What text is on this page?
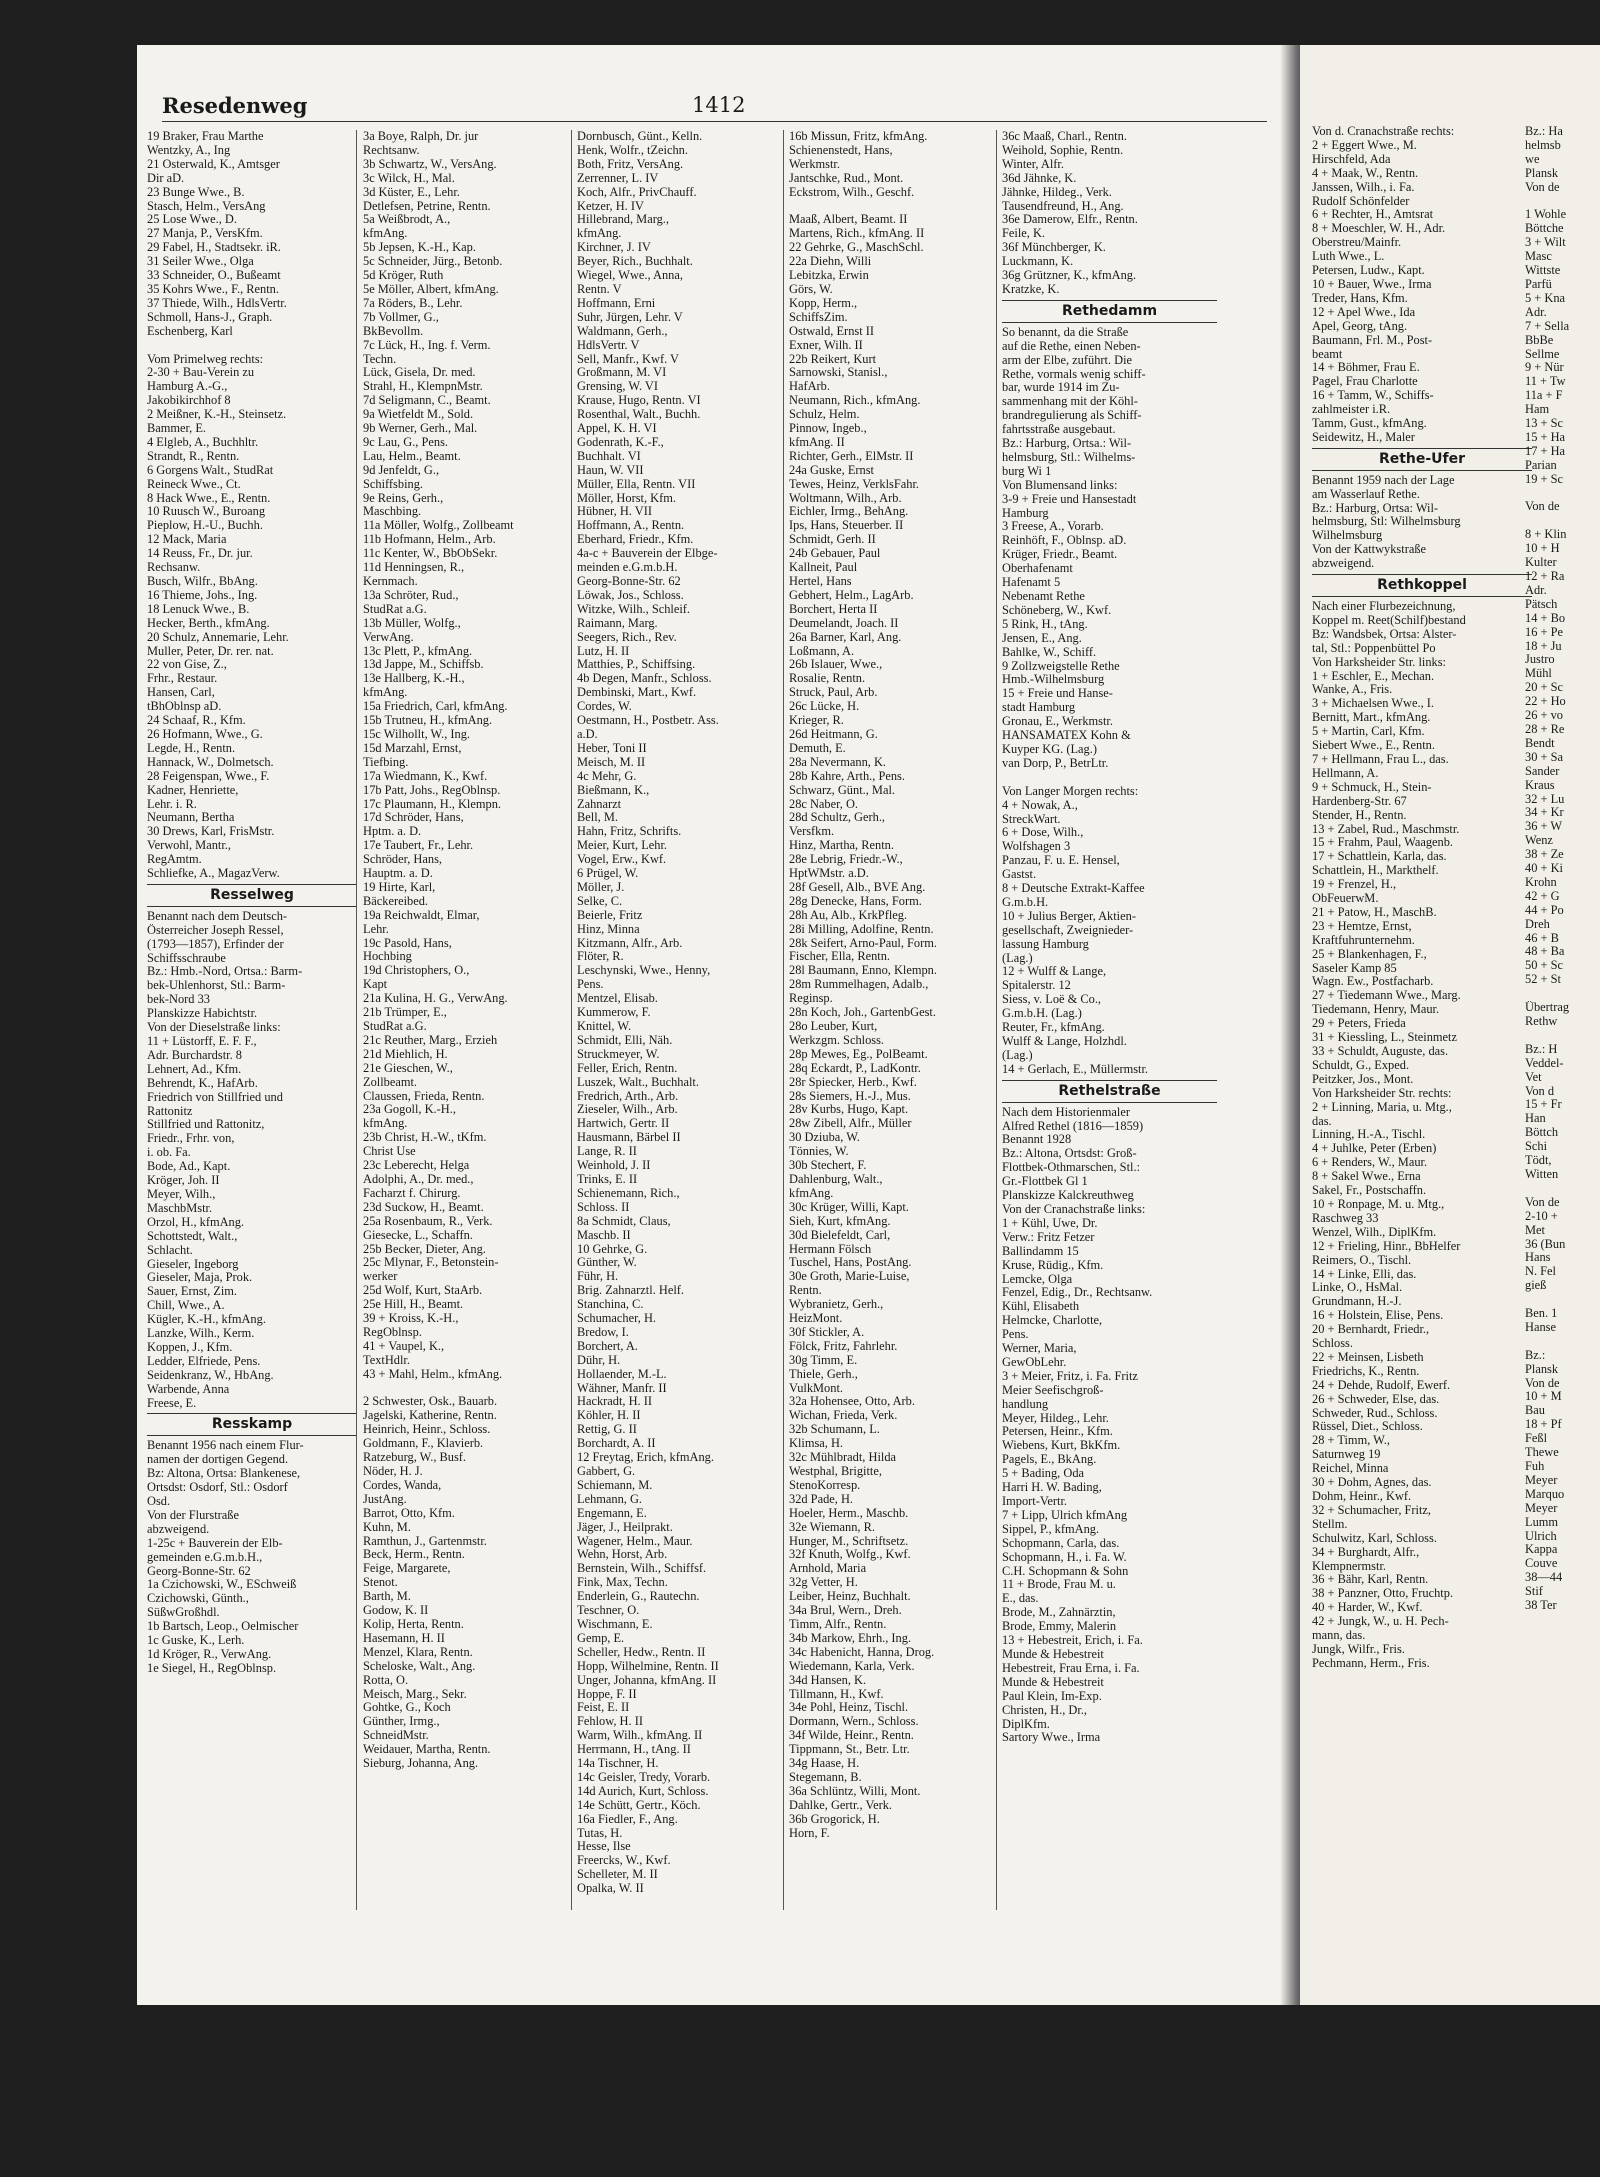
Resedenweg	1412
19 Braker, Frau Marthe
Wentzky, A., Ing
21 Osterwald, K., Amtsger
Dir aD.
23 Bunge Wwe., B.
Stasch, Helm., VersAng
25 Lose Wwe., D.
27 Manja, P., VersKfm.
29 Fabel, H., Stadtsekr. iR.
31 Seiler Wwe., Olga
33 Schneider, O., Bußeamt
35 Kohrs Wwe., F., Rentn.
37 Thiede, Wilh., HdlsVertr.
Schmoll, Hans-J., Graph.
Eschenberg, Karl

Vom Primelweg rechts:
2-30 + Bau-Verein zu
Hamburg A.-G.,
Jakobikirchhof 8
2 Meißner, K.-H., Steinsetz.
Bammer, E.
4 Elgleb, A., Buchhltr.
Strandt, R., Rentn.
6 Gorgens Walt., StudRat
Reineck Wwe., Ct.
8 Hack Wwe., E., Rentn.
10 Ruusch W., Buroang
Pieplow, H.-U., Buchh.
12 Mack, Maria
14 Reuss, Fr., Dr. jur.
Rechsanw.
Busch, Wilfr., BbAng.
16 Thieme, Johs., Ing.
18 Lenuck Wwe., B.
Hecker, Berth., kfmAng.
20 Schulz, Annemarie, Lehr.
Muller, Peter, Dr. rer. nat.
22 von Gise, Z.,
Frhr., Restaur.
Hansen, Carl,
tBhOblnsp aD.
24 Schaaf, R., Kfm.
26 Hofmann, Wwe., G.
Legde, H., Rentn.
Hannack, W., Dolmetsch.
28 Feigenspan, Wwe., F.
Kadner, Henriette,
Lehr. i. R.
Neumann, Bertha
30 Drews, Karl, FrisMstr.
Verwohl, Mantr.,
RegAmtm.
Schliefke, A., MagazVerw.
Resselweg
Benannt nach dem Deutsch-
Österreicher Joseph Ressel,
(1793—1857), Erfinder der
Schiffsschraube
Bz.: Hmb.-Nord, Ortsa.: Barm-
bek-Uhlenhorst, Stl.: Barm-
bek-Nord 33
Planskizze Habichtstr.
Von der Dieselstraße links:
11 + Lüstorff, E. F. F.,
Adr. Burchardstr. 8
Lehnert, Ad., Kfm.
Behrendt, K., HafArb.
Friedrich von Stillfried und
Rattonitz
Stillfried und Rattonitz,
Friedr., Frhr. von,
i. ob. Fa.
Bode, Ad., Kapt.
Kröger, Joh. II
Meyer, Wilh.,
MaschbMstr.
Orzol, H., kfmAng.
Schottstedt, Walt.,
Schlacht.
Gieseler, Ingeborg
Gieseler, Maja, Prok.
Sauer, Ernst, Zim.
Chill, Wwe., A.
Kügler, K.-H., kfmAng.
Lanzke, Wilh., Kerm.
Koppen, J., Kfm.
Ledder, Elfriede, Pens.
Seidenkranz, W., HbAng.
Warbende, Anna
Freese, E.
Resskamp
Benannt 1956 nach einem Flur-
namen der dortigen Gegend.
Bz: Altona, Ortsa: Blankenese,
Ortsdst: Osdorf, Stl.: Osdorf
Osd.
Von der Flurstraße
abzweigend.
1-25c + Bauverein der Elb-
gemeinden e.G.m.b.H.,
Georg-Bonne-Str. 62
1a Czichowski, W., ESchweiß
Czichowski, Günth.,
SüßwGroßhdl.
1b Bartsch, Leop., Oelmischer
1c Guske, K., Lerh.
1d Kröger, R., VerwAng.
1e Siegel, H., RegOblnsp.
3a Boye, Ralph, Dr. jur
Rechtsanw.
3b Schwartz, W., VersAng.
3c Wilck, H., Mal.
3d Küster, E., Lehr.
Detlefsen, Petrine, Rentn.
5a Weißbrodt, A.,
kfmAng.
5b Jepsen, K.-H., Kap.
5c Schneider, Jürg., Betonb.
5d Kröger, Ruth
5e Möller, Albert, kfmAng.
7a Röders, B., Lehr.
7b Vollmer, G.,
BkBevollm.
7c Lück, H., Ing. f. Verm.
Techn.
Lück, Gisela, Dr. med.
Strahl, H., KlempnMstr.
7d Seligmann, C., Beamt.
9a Wietfeldt M., Sold.
9b Werner, Gerh., Mal.
9c Lau, G., Pens.
Lau, Helm., Beamt.
9d Jenfeldt, G.,
Schiffsbing.
9e Reins, Gerh.,
Maschbing.
11a Möller, Wolfg., Zollbeamt
11b Hofmann, Helm., Arb.
11c Kenter, W., BbObSekr.
11d Henningsen, R.,
Kernmach.
13a Schröter, Rud.,
StudRat a.G.
13b Müller, Wolfg.,
VerwAng.
13c Plett, P., kfmAng.
13d Jappe, M., Schiffsb.
13e Hallberg, K.-H.,
kfmAng.
15a Friedrich, Carl, kfmAng.
15b Trutneu, H., kfmAng.
15c Wilhollt, W., Ing.
15d Marzahl, Ernst,
Tiefbing.
17a Wiedmann, K., Kwf.
17b Patt, Johs., RegOblnsp.
17c Plaumann, H., Klempn.
17d Schröder, Hans,
Hptm. a. D.
17e Taubert, Fr., Lehr.
Schröder, Hans,
Hauptm. a. D.
19 Hirte, Karl,
Bäckereibed.
19a Reichwaldt, Elmar,
Lehr.
19c Pasold, Hans,
Hochbing
19d Christophers, O.,
Kapt
21a Kulina, H. G., VerwAng.
21b Trümper, E.,
StudRat a.G.
21c Reuther, Marg., Erzieh
21d Miehlich, H.
21e Gieschen, W.,
Zollbeamt.
Claussen, Frieda, Rentn.
23a Gogoll, K.-H.,
kfmAng.
23b Christ, H.-W., tKfm.
Christ Use
23c Leberecht, Helga
Adolphi, A., Dr. med.,
Facharzt f. Chirurg.
23d Suckow, H., Beamt.
25a Rosenbaum, R., Verk.
Giesecke, L., Schaffn.
25b Becker, Dieter, Ang.
25c Mlynar, F., Betonstein-
werker
25d Wolf, Kurt, StaArb.
25e Hill, H., Beamt.
39 + Kroiss, K.-H.,
RegOblnsp.
41 + Vaupel, K.,
TextHdlr.
43 + Mahl, Helm., kfmAng.

2 Schwester, Osk., Bauarb.
Jagelski, Katherine, Rentn.
Heinrich, Heinr., Schloss.
Goldmann, F., Klavierb.
Ratzeburg, W., Busf.
Nöder, H. J.
Cordes, Wanda,
JustAng.
Barrot, Otto, Kfm.
Kuhn, M.
Ramthun, J., Gartenmstr.
Beck, Herm., Rentn.
Feige, Margarete,
Stenot.
Barth, M.
Godow, K. II
Kolip, Herta, Rentn.
Hasemann, H. II
Menzel, Klara, Rentn.
Scheloske, Walt., Ang.
Rotta, O.
Meisch, Marg., Sekr.
Gohtke, G., Koch
Günther, Irmg.,
SchneidMstr.
Weidauer, Martha, Rentn.
Sieburg, Johanna, Ang.
Dornbusch, Günt., Kelln.
Henk, Wolfr., tZeichn.
Both, Fritz, VersAng.
Zerrenner, L. IV
Koch, Alfr., PrivChauff.
Ketzer, H. IV
Hillebrand, Marg.,
kfmAng.
Kirchner, J. IV
Beyer, Rich., Buchhalt.
Wiegel, Wwe., Anna,
Rentn. V
Hoffmann, Erni
Suhr, Jürgen, Lehr. V
Waldmann, Gerh.,
HdlsVertr. V
Sell, Manfr., Kwf. V
Großmann, M. VI
Grensing, W. VI
Krause, Hugo, Rentn. VI
Rosenthal, Walt., Buchh.
Appel, K. H. VI
Godenrath, K.-F.,
Buchhalt. VI
Haun, W. VII
Müller, Ella, Rentn. VII
Möller, Horst, Kfm.
Hübner, H. VII
Hoffmann, A., Rentn.
Eberhard, Friedr., Kfm.
4a-c + Bauverein der Elbge-
meinden e.G.m.b.H.
Georg-Bonne-Str. 62
Löwak, Jos., Schloss.
Witzke, Wilh., Schleif.
Raimann, Marg.
Seegers, Rich., Rev.
Lutz, H. II
Matthies, P., Schiffsing.
4b Degen, Manfr., Schloss.
Dembinski, Mart., Kwf.
Cordes, W.
Oestmann, H., Postbetr. Ass.
a.D.
Heber, Toni II
Meisch, M. II
4c Mehr, G.
Bießmann, K.,
Zahnarzt
Bell, M.
Hahn, Fritz, Schrifts.
Meier, Kurt, Lehr.
Vogel, Erw., Kwf.
6 Prügel, W.
Möller, J.
Selke, C.
Beierle, Fritz
Hinz, Minna
Kitzmann, Alfr., Arb.
Flöter, R.
Leschynski, Wwe., Henny,
Pens.
Mentzel, Elisab.
Kummerow, F.
Knittel, W.
Schmidt, Elli, Näh.
Struckmeyer, W.
Feller, Erich, Rentn.
Luszek, Walt., Buchhalt.
Fredrich, Arth., Arb.
Zieseler, Wilh., Arb.
Hartwich, Gertr. II
Hausmann, Bärbel II
Lange, R. II
Weinhold, J. II
Trinks, E. II
Schienemann, Rich.,
Schloss. II
8a Schmidt, Claus,
Maschb. II
10 Gehrke, G.
Günther, W.
Führ, H.
Brig. Zahnarztl. Helf.
Stanchina, C.
Schumacher, H.
Bredow, I.
Borchert, A.
Dühr, H.
Hollaender, M.-L.
Wähner, Manfr. II
Hackradt, H. II
Köhler, H. II
Rettig, G. II
Borchardt, A. II
12 Freytag, Erich, kfmAng.
Gabbert, G.
Schiemann, M.
Lehmann, G.
Engemann, E.
Jäger, J., Heilprakt.
Wagener, Helm., Maur.
Wehn, Horst, Arb.
Bernstein, Wilh., Schiffsf.
Fink, Max, Techn.
Enderlein, G., Rautechn.
Teschner, O.
Wischmann, E.
Gemp, E.
Scheller, Hedw., Rentn. II
Hopp, Wilhelmine, Rentn. II
Unger, Johanna, kfmAng. II
Hoppe, F. II
Feist, E. II
Fehlow, H. II
Warm, Wilh., kfmAng. II
Herrmann, H., tAng. II
14a Tischner, H.
14c Geisler, Tredy, Vorarb.
14d Aurich, Kurt, Schloss.
14e Schütt, Gertr., Köch.
16a Fiedler, F., Ang.
Tutas, H.
Hesse, Ilse
Freercks, W., Kwf.
Schelleter, M. II
Opalka, W. II
16b Missun, Fritz, kfmAng.
Schienenstedt, Hans,
Werkmstr.
Jantschke, Rud., Mont.
Eckstrom, Wilh., Geschf.

Maaß, Albert, Beamt. II
Martens, Rich., kfmAng. II
22 Gehrke, G., MaschSchl.
22a Diehn, Willi
Lebitzka, Erwin
Görs, W.
Kopp, Herm.,
SchiffsZim.
Ostwald, Ernst II
Exner, Wilh. II
22b Reikert, Kurt
Sarnowski, Stanisl.,
HafArb.
Neumann, Rich., kfmAng.
Schulz, Helm.
Pinnow, Ingeb.,
kfmAng. II
Richter, Gerh., ElMstr. II
24a Guske, Ernst
Tewes, Heinz, VerklsFahr.
Woltmann, Wilh., Arb.
Eichler, Irmg., BehAng.
Ips, Hans, Steuerber. II
Schmidt, Gerh. II
24b Gebauer, Paul
Kallneit, Paul
Hertel, Hans
Gebhert, Helm., LagArb.
Borchert, Herta II
Deumelandt, Joach. II
26a Barner, Karl, Ang.
Loßmann, A.
26b Islauer, Wwe.,
Rosalie, Rentn.
Struck, Paul, Arb.
26c Lücke, H.
Krieger, R.
26d Heitmann, G.
Demuth, E.
28a Nevermann, K.
28b Kahre, Arth., Pens.
Schwarz, Günt., Mal.
28c Naber, O.
28d Schultz, Gerh.,
Versfkm.
Hinz, Martha, Rentn.
28e Lebrig, Friedr.-W.,
HptWMstr. a.D.
28f Gesell, Alb., BVE Ang.
28g Denecke, Hans, Form.
28h Au, Alb., KrkPfleg.
28i Milling, Adolfine, Rentn.
28k Seifert, Arno-Paul, Form.
Fischer, Ella, Rentn.
28l Baumann, Enno, Klempn.
28m Rummelhagen, Adalb.,
Reginsp.
28n Koch, Joh., GartenbGest.
28o Leuber, Kurt,
Werkzgm. Schloss.
28p Mewes, Eg., PolBeamt.
28q Eckardt, P., LadKontr.
28r Spiecker, Herb., Kwf.
28s Siemers, H.-J., Mus.
28v Kurbs, Hugo, Kapt.
28w Zibell, Alfr., Müller
30 Dziuba, W.
Tönnies, W.
30b Stechert, F.
Dahlenburg, Walt.,
kfmAng.
30c Krüger, Willi, Kapt.
Sieh, Kurt, kfmAng.
30d Bielefeldt, Carl,
Hermann Fölsch
Tuschel, Hans, PostAng.
30e Groth, Marie-Luise,
Rentn.
Wybranietz, Gerh.,
HeizMont.
30f Stickler, A.
Fölck, Fritz, Fahrlehr.
30g Timm, E.
Thiele, Gerh.,
VulkMont.
32a Hohensee, Otto, Arb.
Wichan, Frieda, Verk.
32b Schumann, L.
Klimsa, H.
32c Mühlbradt, Hilda
Westphal, Brigitte,
StenoKorresp.
32d Pade, H.
Hoeler, Herm., Maschb.
32e Wiemann, R.
Hunger, M., Schriftsetz.
32f Knuth, Wolfg., Kwf.
Arnhold, Maria
32g Vetter, H.
Leiber, Heinz, Buchhalt.
34a Brul, Wern., Dreh.
Timm, Alfr., Rentn.
34b Markow, Ehrh., Ing.
34c Habenicht, Hanna, Drog.
Wiedemann, Karla, Verk.
34d Hansen, K.
Tillmann, H., Kwf.
34e Pohl, Heinz, Tischl.
Dormann, Wern., Schloss.
34f Wilde, Heinr., Rentn.
Tippmann, St., Betr. Ltr.
34g Haase, H.
Stegemann, B.
36a Schlüntz, Willi, Mont.
Dahlke, Gertr., Verk.
36b Grogorick, H.
Horn, F.
36c Maaß, Charl., Rentn.
Weihold, Sophie, Rentn.
Winter, Alfr.
36d Jähnke, K.
Jähnke, Hildeg., Verk.
Tausendfreund, H., Ang.
36e Damerow, Elfr., Rentn.
Feile, K.
36f Münchberger, K.
Luckmann, K.
36g Grützner, K., kfmAng.
Kratzke, K.
Rethedamm
So benannt, da die Straße
auf die Rethe, einen Neben-
arm der Elbe, zuführt. Die
Rethe, vormals wenig schiff-
bar, wurde 1914 im Zu-
sammenhang mit der Köhl-
brandregulierung als Schiff-
fahrtsstraße ausgebaut.
Bz.: Harburg, Ortsa.: Wil-
helmsburg, Stl.: Wilhelms-
burg Wi 1
Von Blumensand links:
3-9 + Freie und Hansestadt
Hamburg
3 Freese, A., Vorarb.
Reinhöft, F., Oblnsp. aD.
Krüger, Friedr., Beamt.
Oberhafenamt
Hafenamt 5
Nebenamt Rethe
Schöneberg, W., Kwf.
5 Rink, H., tAng.
Jensen, E., Ang.
Bahlke, W., Schiff.
9 Zollzweigstelle Rethe
Hmb.-Wilhelmsburg
15 + Freie und Hanse-
stadt Hamburg
Gronau, E., Werkmstr.
HANSAMATEX Kohn &
Kuyper KG. (Lag.)
van Dorp, P., BetrLtr.

Von Langer Morgen rechts:
4 + Nowak, A.,
StreckWart.
6 + Dose, Wilh.,
Wolfshagen 3
Panzau, F. u. E. Hensel,
Gastst.
8 + Deutsche Extrakt-Kaffee
G.m.b.H.
10 + Julius Berger, Aktien-
gesellschaft, Zweignieder-
lassung Hamburg
(Lag.)
12 + Wulff & Lange,
Spitalerstr. 12
Siess, v. Loë & Co.,
G.m.b.H. (Lag.)
Reuter, Fr., kfmAng.
Wulff & Lange, Holzhdl.
(Lag.)
14 + Gerlach, E., Müllermstr.
Rethelstraße
Nach dem Historienmaler
Alfred Rethel (1816—1859)
Benannt 1928
Bz.: Altona, Ortsdst: Groß-
Flottbek-Othmarschen, Stl.:
Gr.-Flottbek Gl 1
Planskizze Kalckreuthweg
Von der Cranachstraße links:
1 + Kühl, Uwe, Dr.
Verw.: Fritz Fetzer
Ballindamm 15
Kruse, Rüdig., Kfm.
Lemcke, Olga
Fenzel, Edig., Dr., Rechtsanw.
Kühl, Elisabeth
Helmcke, Charlotte,
Pens.
Werner, Maria,
GewObLehr.
3 + Meier, Fritz, i. Fa. Fritz
Meier Seefischgroß-
handlung
Meyer, Hildeg., Lehr.
Petersen, Heinr., Kfm.
Wiebens, Kurt, BkKfm.
Pagels, E., BkAng.
5 + Bading, Oda
Harri H. W. Bading,
Import-Vertr.
7 + Lipp, Ulrich kfmAng
Sippel, P., kfmAng.
Schopmann, Carla, das.
Schopmann, H., i. Fa. W.
C.H. Schopmann & Sohn
11 + Brode, Frau M. u.
E., das.
Brode, M., Zahnärztin,
Brode, Emmy, Malerin
13 + Hebestreit, Erich, i. Fa.
Munde & Hebestreit
Hebestreit, Frau Erna, i. Fa.
Munde & Hebestreit
Paul Klein, Im-Exp.
Christen, H., Dr.,
DiplKfm.
Sartory Wwe., Irma
Von d. Cranachstraße rechts:
2 + Eggert Wwe., M.
Hirschfeld, Ada
4 + Maak, W., Rentn.
Janssen, Wilh., i. Fa.
Rudolf Schönfelder
6 + Rechter, H., Amtsrat
8 + Moeschler, W. H., Adr.
Oberstreu/Mainfr.
Luth Wwe., L.
Petersen, Ludw., Kapt.
10 + Bauer, Wwe., Irma
Treder, Hans, Kfm.
12 + Apel Wwe., Ida
Apel, Georg, tAng.
Baumann, Frl. M., Post-
beamt
14 + Böhmer, Frau E.
Pagel, Frau Charlotte
16 + Tamm, W., Schiffs-
zahlmeister i.R.
Tamm, Gust., kfmAng.
Seidewitz, H., Maler
Rethe-Ufer
Benannt 1959 nach der Lage
am Wasserlauf Rethe.
Bz.: Harburg, Ortsa: Wil-
helmsburg, Stl: Wilhelmsburg
Wilhelmsburg
Von der Kattwykstraße
abzweigend.
Rethkoppel
Nach einer Flurbezeichnung,
Koppel m. Reet(Schilf)bestand
Bz: Wandsbek, Ortsa: Alster-
tal, Stl.: Poppenbüttel Po
Von Harksheider Str. links:
1 + Eschler, E., Mechan.
Wanke, A., Fris.
3 + Michaelsen Wwe., I.
Bernitt, Mart., kfmAng.
5 + Martin, Carl, Kfm.
Siebert Wwe., E., Rentn.
7 + Hellmann, Frau L., das.
Hellmann, A.
9 + Schmuck, H., Stein-
Hardenberg-Str. 67
Stender, H., Rentn.
13 + Zabel, Rud., Maschmstr.
15 + Frahm, Paul, Waagenb.
17 + Schattlein, Karla, das.
Schattlein, H., Markthelf.
19 + Frenzel, H.,
ObFeuerwM.
21 + Patow, H., MaschB.
23 + Hemtze, Ernst,
Kraftfuhrunternehm.
25 + Blankenhagen, F.,
Saseler Kamp 85
Wagn. Ew., Postfacharb.
27 + Tiedemann Wwe., Marg.
Tiedemann, Henry, Maur.
29 + Peters, Frieda
31 + Kiessling, L., Steinmetz
33 + Schuldt, Auguste, das.
Schuldt, G., Exped.
Peitzker, Jos., Mont.
Von Harksheider Str. rechts:
2 + Linning, Maria, u. Mtg.,
das.
Linning, H.-A., Tischl.
4 + Juhlke, Peter (Erben)
6 + Renders, W., Maur.
8 + Sakel Wwe., Erna
Sakel, Fr., Postschaffn.
10 + Ronpage, M. u. Mtg.,
Raschweg 33
Wenzel, Wilh., DiplKfm.
12 + Frieling, Hinr., BbHelfer
Reimers, O., Tischl.
14 + Linke, Elli, das.
Linke, O., HsMal.
Grundmann, H.-J.
16 + Holstein, Elise, Pens.
20 + Bernhardt, Friedr.,
Schloss.
22 + Meinsen, Lisbeth
Friedrichs, K., Rentn.
24 + Dehde, Rudolf, Ewerf.
26 + Schweder, Else, das.
Schweder, Rud., Schloss.
Rüssel, Diet., Schloss.
28 + Timm, W.,
Saturnweg 19
Reichel, Minna
30 + Dohm, Agnes, das.
Dohm, Heinr., Kwf.
32 + Schumacher, Fritz,
Stellm.
Schulwitz, Karl, Schloss.
34 + Burghardt, Alfr.,
Klempnermstr.
36 + Bähr, Karl, Rentn.
38 + Panzner, Otto, Fruchtp.
40 + Harder, W., Kwf.
42 + Jungk, W., u. H. Pech-
mann, das.
Jungk, Wilfr., Fris.
Pechmann, Herm., Fris.
Bz.: Ha
helmsb
we
Plansk
Von de

1 Wohle
Böttche
3 + Wilt
Masc
Wittste
Parfü
5 + Kna
Adr.
7 + Sella
BbBe
Sellme
9 + Nür
11 + Tw
11a + F
Ham
13 + Sc
15 + Ha
17 + Ha
Parian
19 + Sc

Von de

8 + Klin
10 + H
Kulter
12 + Ra
Adr.
Pätsch
14 + Bo
16 + Pe
18 + Ju
Justro
Mühl
20 + Sc
22 + Ho
26 + vo
28 + Re
Bendt
30 + Sa
Sander
Kraus
32 + Lu
34 + Kr
36 + W
Wenz
38 + Ze
40 + Ki
Krohn
42 + G
44 + Po
Dreh
46 + B
48 + Ba
50 + Sc
52 + St

Übertrag
Rethw

Bz.: H
Veddel-
Vet
Von d
15 + Fr
Han
Böttch
Schi
Tödt,
Witten

Von de
2-10 +
Met
36 (Bun
Hans
N. Fel
gieß

Ben. 1
Hanse

Bz.:
Plansk
Von de
10 + M
Bau
18 + Pf
Feßl
Thewe
Fuh
Meyer
Marquo
Meyer
Lumm
Ulrich
Kappa
Couve
38—44
Stif
38 Ter
